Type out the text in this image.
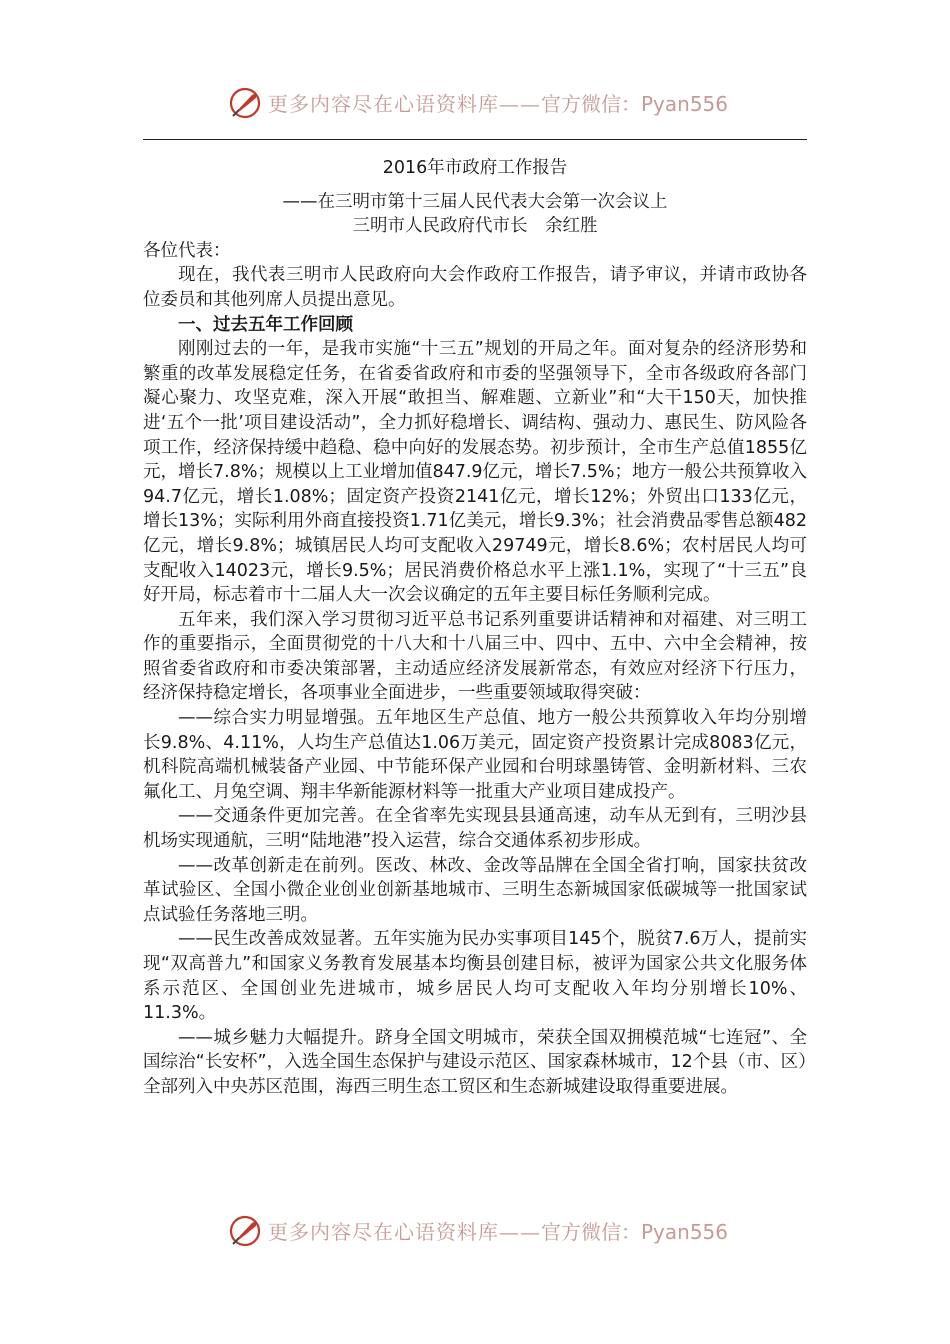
更多内容尽在心语资料库——官方微信：Pyan556

2016年市政府工作报告

——在三明市第十三届人民代表大会第一次会议上

三明市人民政府代市长　余红胜

各位代表：

现在，我代表三明市人民政府向大会作政府工作报告，请予审议，并请市政协各位委员和其他列席人员提出意见。

一、过去五年工作回顾

刚刚过去的一年，是我市实施“十三五”规划的开局之年。面对复杂的经济形势和繁重的改革发展稳定任务，在省委省政府和市委的坚强领导下，全市各级政府各部门凝心聚力、攻坚克难，深入开展“敢担当、解难题、立新业”和“大干150天，加快推进‘五个一批’项目建设活动”，全力抓好稳增长、调结构、强动力、惠民生、防风险各项工作，经济保持缓中趋稳、稳中向好的发展态势。初步预计，全市生产总值1855亿元，增长7.8%；规模以上工业增加值847.9亿元，增长7.5%；地方一般公共预算收入94.7亿元，增长1.08%；固定资产投资2141亿元，增长12%；外贸出口133亿元，增长13%；实际利用外商直接投资1.71亿美元，增长9.3%；社会消费品零售总额482亿元，增长9.8%；城镇居民人均可支配收入29749元，增长8.6%；农村居民人均可支配收入14023元，增长9.5%；居民消费价格总水平上涨1.1%，实现了“十三五”良好开局，标志着市十二届人大一次会议确定的五年主要目标任务顺利完成。

五年来，我们深入学习贯彻习近平总书记系列重要讲话精神和对福建、对三明工作的重要指示，全面贯彻党的十八大和十八届三中、四中、五中、六中全会精神，按照省委省政府和市委决策部署，主动适应经济发展新常态，有效应对经济下行压力，经济保持稳定增长，各项事业全面进步，一些重要领域取得突破：

——综合实力明显增强。五年地区生产总值、地方一般公共预算收入年均分别增长9.8%、4.11%，人均生产总值达1.06万美元，固定资产投资累计完成8083亿元，机科院高端机械装备产业园、中节能环保产业园和台明球墨铸管、金明新材料、三农氟化工、月兔空调、翔丰华新能源材料等一批重大产业项目建成投产。

——交通条件更加完善。在全省率先实现县县通高速，动车从无到有，三明沙县机场实现通航，三明“陆地港”投入运营，综合交通体系初步形成。

——改革创新走在前列。医改、林改、金改等品牌在全国全省打响，国家扶贫改革试验区、全国小微企业创业创新基地城市、三明生态新城国家低碳城等一批国家试点试验任务落地三明。

——民生改善成效显著。五年实施为民办实事项目145个，脱贫7.6万人，提前实现“双高普九”和国家义务教育发展基本均衡县创建目标，被评为国家公共文化服务体系示范区、全国创业先进城市，城乡居民人均可支配收入年均分别增长10%、11.3%。

——城乡魅力大幅提升。跻身全国文明城市，荣获全国双拥模范城“七连冠”、全国综治“长安杯”，入选全国生态保护与建设示范区、国家森林城市，12个县（市、区）全部列入中央苏区范围，海西三明生态工贸区和生态新城建设取得重要进展。

更多内容尽在心语资料库——官方微信：Pyan556
